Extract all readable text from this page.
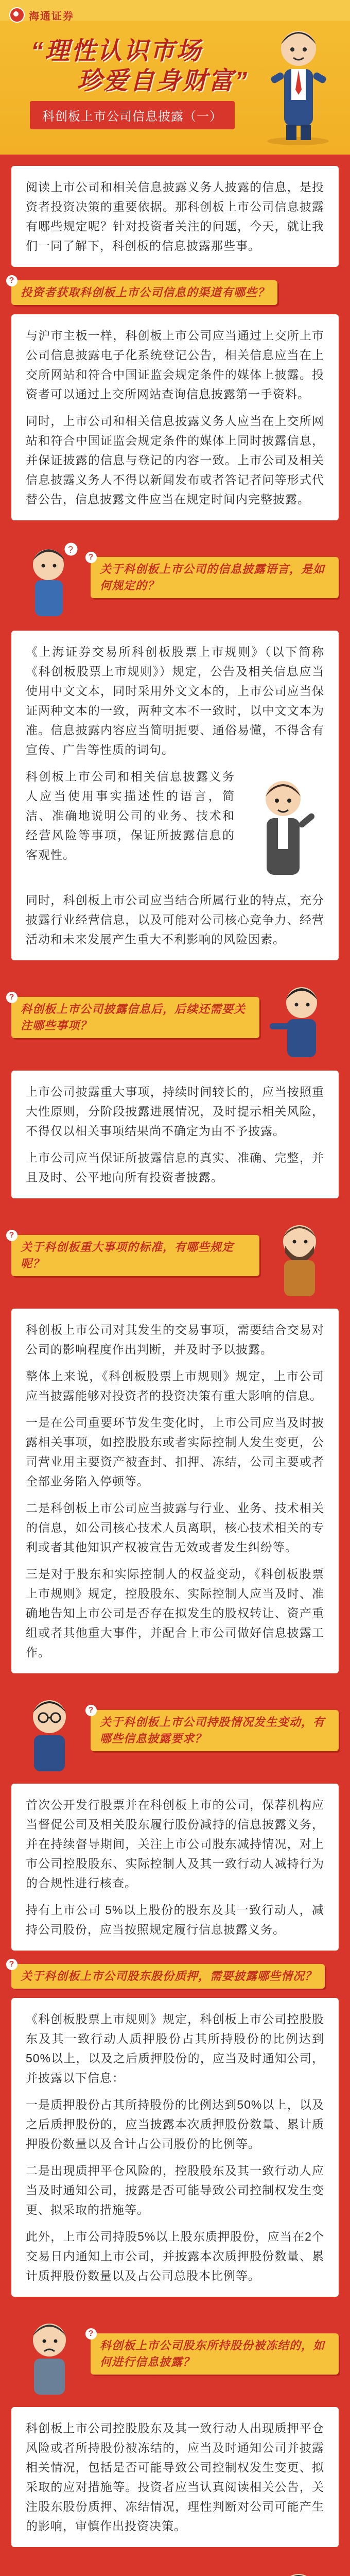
海通证券
“理性认识市场
珍爱自身财富”
科创板上市公司信息披露（一）

阅读上市公司和相关信息披露义务人披露的信息，是投资者投资决策的重要依据。那科创板上市公司信息披露有哪些规定呢？针对投资者关注的问题，今天，就让我们一同了解下，科创板的信息披露那些事。

? 投资者获取科创板上市公司信息的渠道有哪些？

与沪市主板一样，科创板上市公司应当通过上交所上市公司信息披露电子化系统登记公告，相关信息应当在上交所网站和符合中国证监会规定条件的媒体上披露。投资者可以通过上交所网站查询信息披露第一手资料。

同时，上市公司和相关信息披露义务人应当在上交所网站和符合中国证监会规定条件的媒体上同时披露信息，并保证披露的信息与登记的内容一致。上市公司及相关信息披露义务人不得以新闻发布或者答记者问等形式代替公告，信息披露文件应当在规定时间内完整披露。

?
? 关于科创板上市公司的信息披露语言，是如何规定的？

《上海证券交易所科创板股票上市规则》（以下简称《科创板股票上市规则》）规定，公告及相关信息应当使用中文文本，同时采用外文文本的，上市公司应当保证两种文本的一致，两种文本不一致时，以中文文本为准。信息披露内容应当简明扼要、通俗易懂，不得含有宣传、广告等性质的词句。

科创板上市公司和相关信息披露义务人应当使用事实描述性的语言，简洁、准确地说明公司的业务、技术和经营风险等事项，保证所披露信息的客观性。

同时，科创板上市公司应当结合所属行业的特点，充分披露行业经营信息，以及可能对公司核心竞争力、经营活动和未来发展产生重大不利影响的风险因素。

? 科创板上市公司披露信息后，后续还需要关注哪些事项？

上市公司披露重大事项，持续时间较长的，应当按照重大性原则，分阶段披露进展情况，及时提示相关风险，不得仅以相关事项结果尚不确定为由不予披露。

上市公司应当保证所披露信息的真实、准确、完整，并且及时、公平地向所有投资者披露。

? 关于科创板重大事项的标准，有哪些规定呢？

科创板上市公司对其发生的交易事项，需要结合交易对公司的影响程度作出判断，并及时予以披露。

整体上来说，《科创板股票上市规则》规定，上市公司应当披露能够对投资者的投资决策有重大影响的信息。

一是在公司重要环节发生变化时，上市公司应当及时披露相关事项，如控股股东或者实际控制人发生变更，公司营业用主要资产被查封、扣押、冻结，公司主要或者全部业务陷入停顿等。

二是科创板上市公司应当披露与行业、业务、技术相关的信息，如公司核心技术人员离职，核心技术相关的专利或者其他知识产权被宣告无效或者发生纠纷等。

三是对于股东和实际控制人的权益变动，《科创板股票上市规则》规定，控股股东、实际控制人应当及时、准确地告知上市公司是否存在拟发生的股权转让、资产重组或者其他重大事件，并配合上市公司做好信息披露工作。

? 关于科创板上市公司持股情况发生变动，有哪些信息披露要求？

首次公开发行股票并在科创板上市的公司，保荐机构应当督促公司及相关股东履行股份减持的信息披露义务，并在持续督导期间，关注上市公司股东减持情况，对上市公司控股股东、实际控制人及其一致行动人减持行为的合规性进行核查。

持有上市公司 5%以上股份的股东及其一致行动人，减持公司股份，应当按照规定履行信息披露义务。

? 关于科创板上市公司股东股份质押，需要披露哪些情况？

《科创板股票上市规则》规定，科创板上市公司控股股东及其一致行动人质押股份占其所持股份的比例达到50%以上，以及之后质押股份的，应当及时通知公司，并披露以下信息：

一是质押股份占其所持股份的比例达到50%以上，以及之后质押股份的，应当披露本次质押股份数量、累计质押股份数量以及合计占公司股份的比例等。

二是出现质押平仓风险的，控股股东及其一致行动人应当及时通知公司，披露是否可能导致公司控制权发生变更、拟采取的措施等。

此外，上市公司持股5%以上股东质押股份，应当在2个交易日内通知上市公司，并披露本次质押股份数量、累计质押股份数量以及占公司总股本比例等。

? 科创板上市公司股东所持股份被冻结的，如何进行信息披露？

科创板上市公司控股股东及其一致行动人出现质押平仓风险或者所持股份被冻结的，应当及时通知公司并披露相关情况，包括是否可能导致公司控制权发生变更、拟采取的应对措施等。投资者应当认真阅读相关公告，关注股东股份质押、冻结情况，理性判断对公司可能产生的影响，审慎作出投资决策。
